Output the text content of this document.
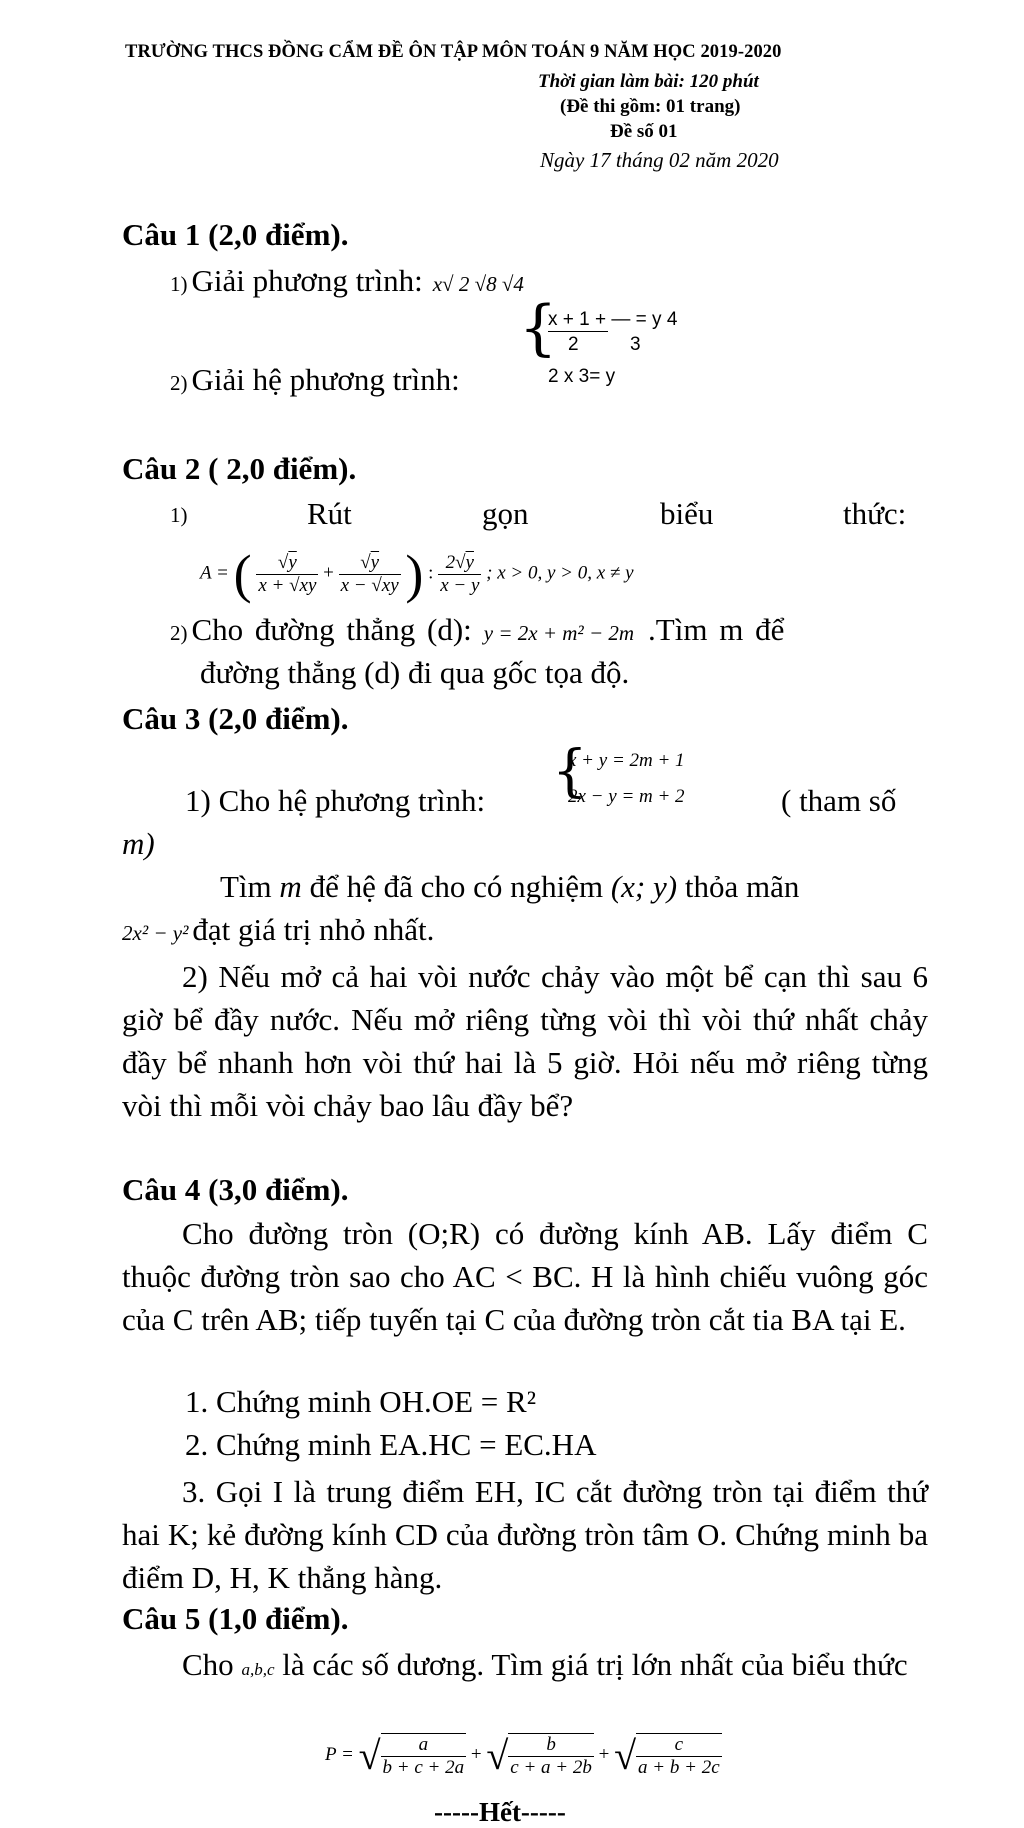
TRƯỜNG THCS ĐỒNG CẨM ĐỀ ÔN TẬP MÔN TOÁN 9 NĂM HỌC 2019-2020
Thời gian làm bài: 120 phút
(Đề thi gồm: 01 trang)
Đề số 01
Ngày 17 tháng 02 năm 2020
Câu 1 (2,0 điểm).
1) Giải phương trình: x√ 2 √8 √4
2) Giải hệ phương trình:
{
x + 1 + — = y 4
2	3
2 x 3= y
Câu 2 ( 2,0 điểm).
1)	Rút	gọn	biểu	thức:
A = ( $\frac{√y}{x + √xy} + \frac{√y}{x - √xy}$ ) : $\frac{2√y}{x - y}$ ; x > 0, y > 0, x ≠ y
2) Cho đường thẳng (d): y = 2x + m² − 2m .Tìm m để
đường thẳng (d) đi qua gốc tọa độ.
Câu 3 (2,0 điểm).
1) Cho hệ phương trình: {
x + y = 2m + 1
2x − y = m + 2	( tham số
m)
Tìm m để hệ đã cho có nghiệm (x; y) thỏa mãn
2x² − y² đạt giá trị nhỏ nhất.
2) Nếu mở cả hai vòi nước chảy vào một bể cạn thì sau 6 giờ bể đầy nước. Nếu mở riêng từng vòi thì vòi thứ nhất chảy đầy bể nhanh hơn vòi thứ hai là 5 giờ. Hỏi nếu mở riêng từng vòi thì mỗi vòi chảy bao lâu đầy bể?
Câu 4 (3,0 điểm).
Cho đường tròn (O;R) có đường kính AB. Lấy điểm C thuộc đường tròn sao cho AC < BC. H là hình chiếu vuông góc của C trên AB; tiếp tuyến tại C của đường tròn cắt tia BA tại E.
1. Chứng minh OH.OE = R²
2. Chứng minh EA.HC = EC.HA
3. Gọi I là trung điểm EH, IC cắt đường tròn tại điểm thứ hai K; kẻ đường kính CD của đường tròn tâm O. Chứng minh ba điểm D, H, K thẳng hàng.
Câu 5 (1,0 điểm).
Cho a,b,c là các số dương. Tìm giá trị lớn nhất của biểu thức
P = √ $\frac{a}{b + c + 2a}$ + √ $\frac{b}{c + a + 2b}$ + √ $\frac{c}{a + b + 2c}$
-----Hết-----
